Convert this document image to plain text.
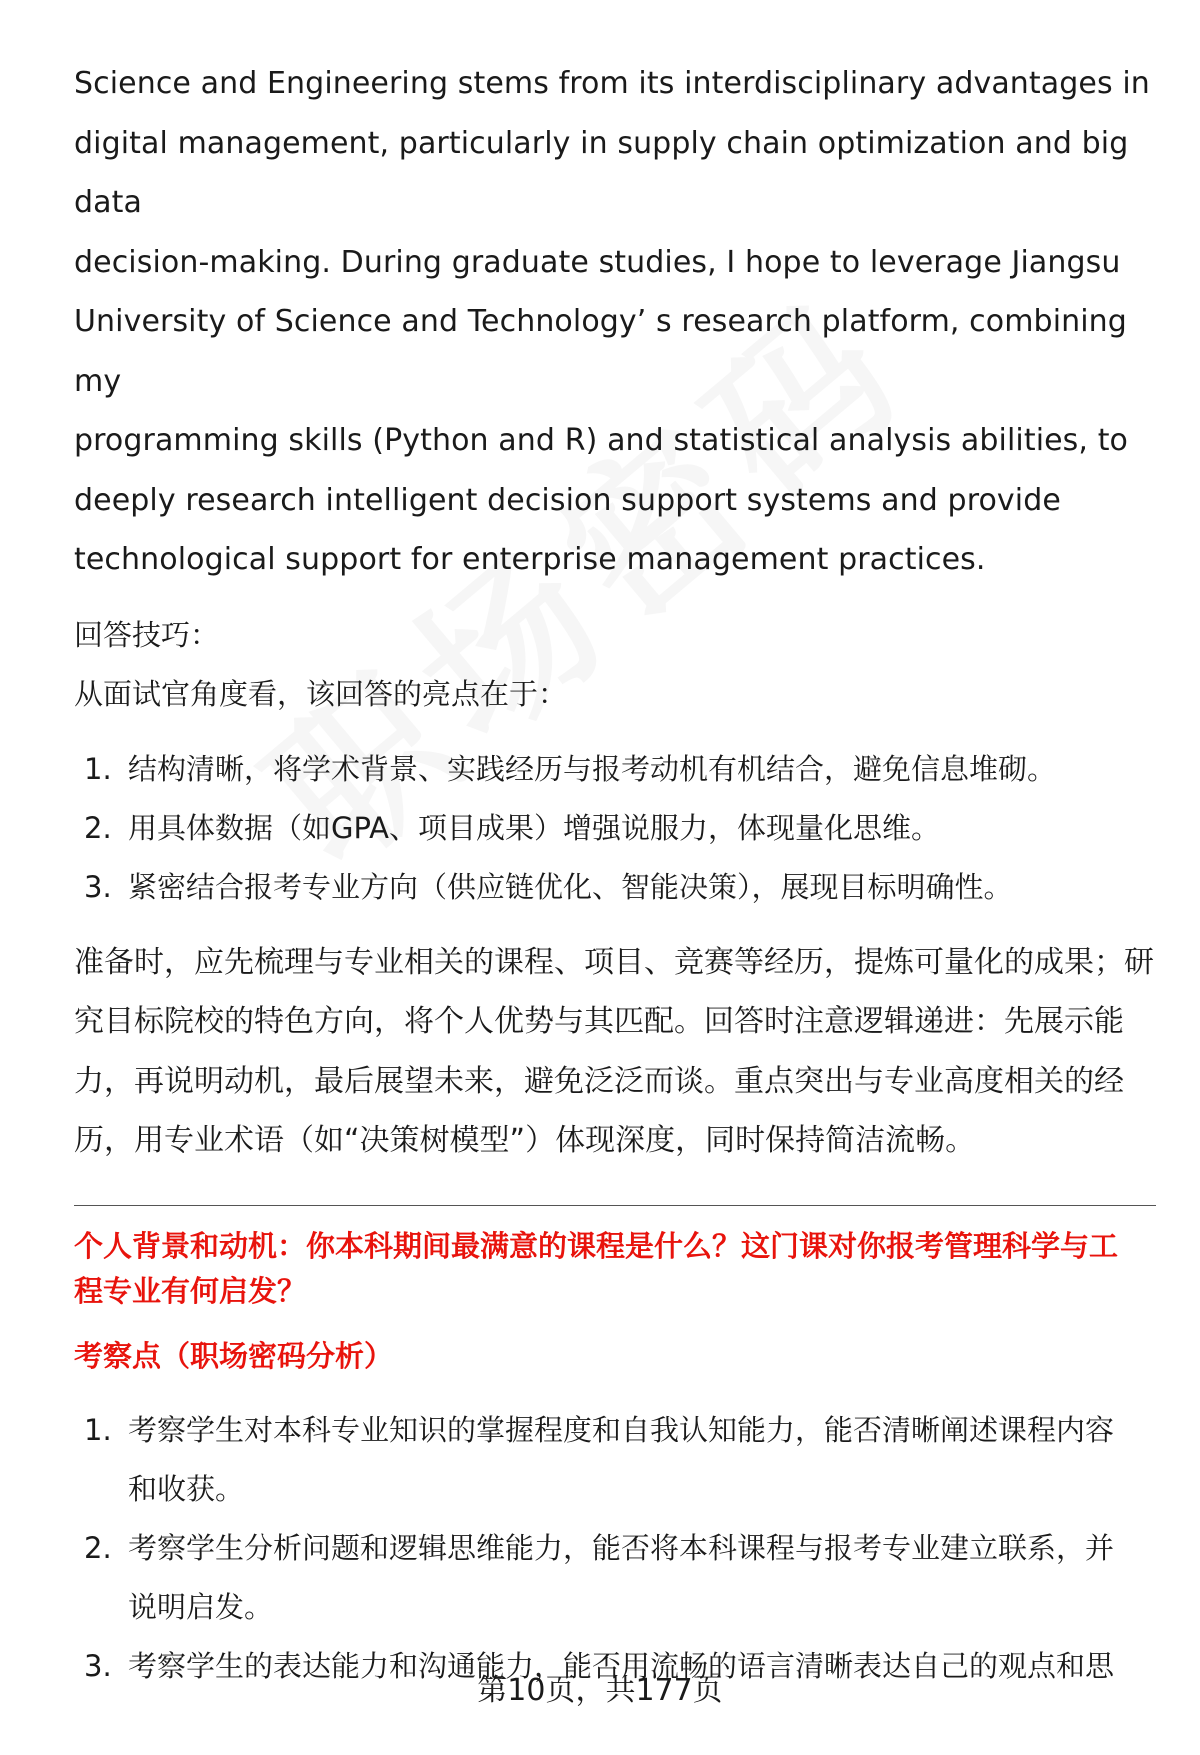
Science and Engineering stems from its interdisciplinary advantages in

digital management, particularly in supply chain optimization and big data

decision-making. During graduate studies, I hope to leverage Jiangsu

University of Science and Technology’ s research platform, combining my

programming skills (Python and R) and statistical analysis abilities, to

deeply research intelligent decision support systems and provide

technological support for enterprise management practices.

回答技巧：

从面试官角度看，该回答的亮点在于：

1. 结构清晰，将学术背景、实践经历与报考动机有机结合，避免信息堆砌。
2. 用具体数据（如GPA、项目成果）增强说服力，体现量化思维。
3. 紧密结合报考专业方向（供应链优化、智能决策），展现目标明确性。

准备时，应先梳理与专业相关的课程、项目、竞赛等经历，提炼可量化的成果；研

究目标院校的特色方向，将个人优势与其匹配。回答时注意逻辑递进：先展示能

力，再说明动机，最后展望未来，避免泛泛而谈。重点突出与专业高度相关的经

历，用专业术语（如“决策树模型”）体现深度，同时保持简洁流畅。

个人背景和动机：你本科期间最满意的课程是什么？这门课对你报考管理科学与工

程专业有何启发？

考察点（职场密码分析）

1. 考察学生对本科专业知识的掌握程度和自我认知能力，能否清晰阐述课程内容
和收获。
2. 考察学生分析问题和逻辑思维能力，能否将本科课程与报考专业建立联系，并
说明启发。
3. 考察学生的表达能力和沟通能力，能否用流畅的语言清晰表达自己的观点和思
第10页，共177页
